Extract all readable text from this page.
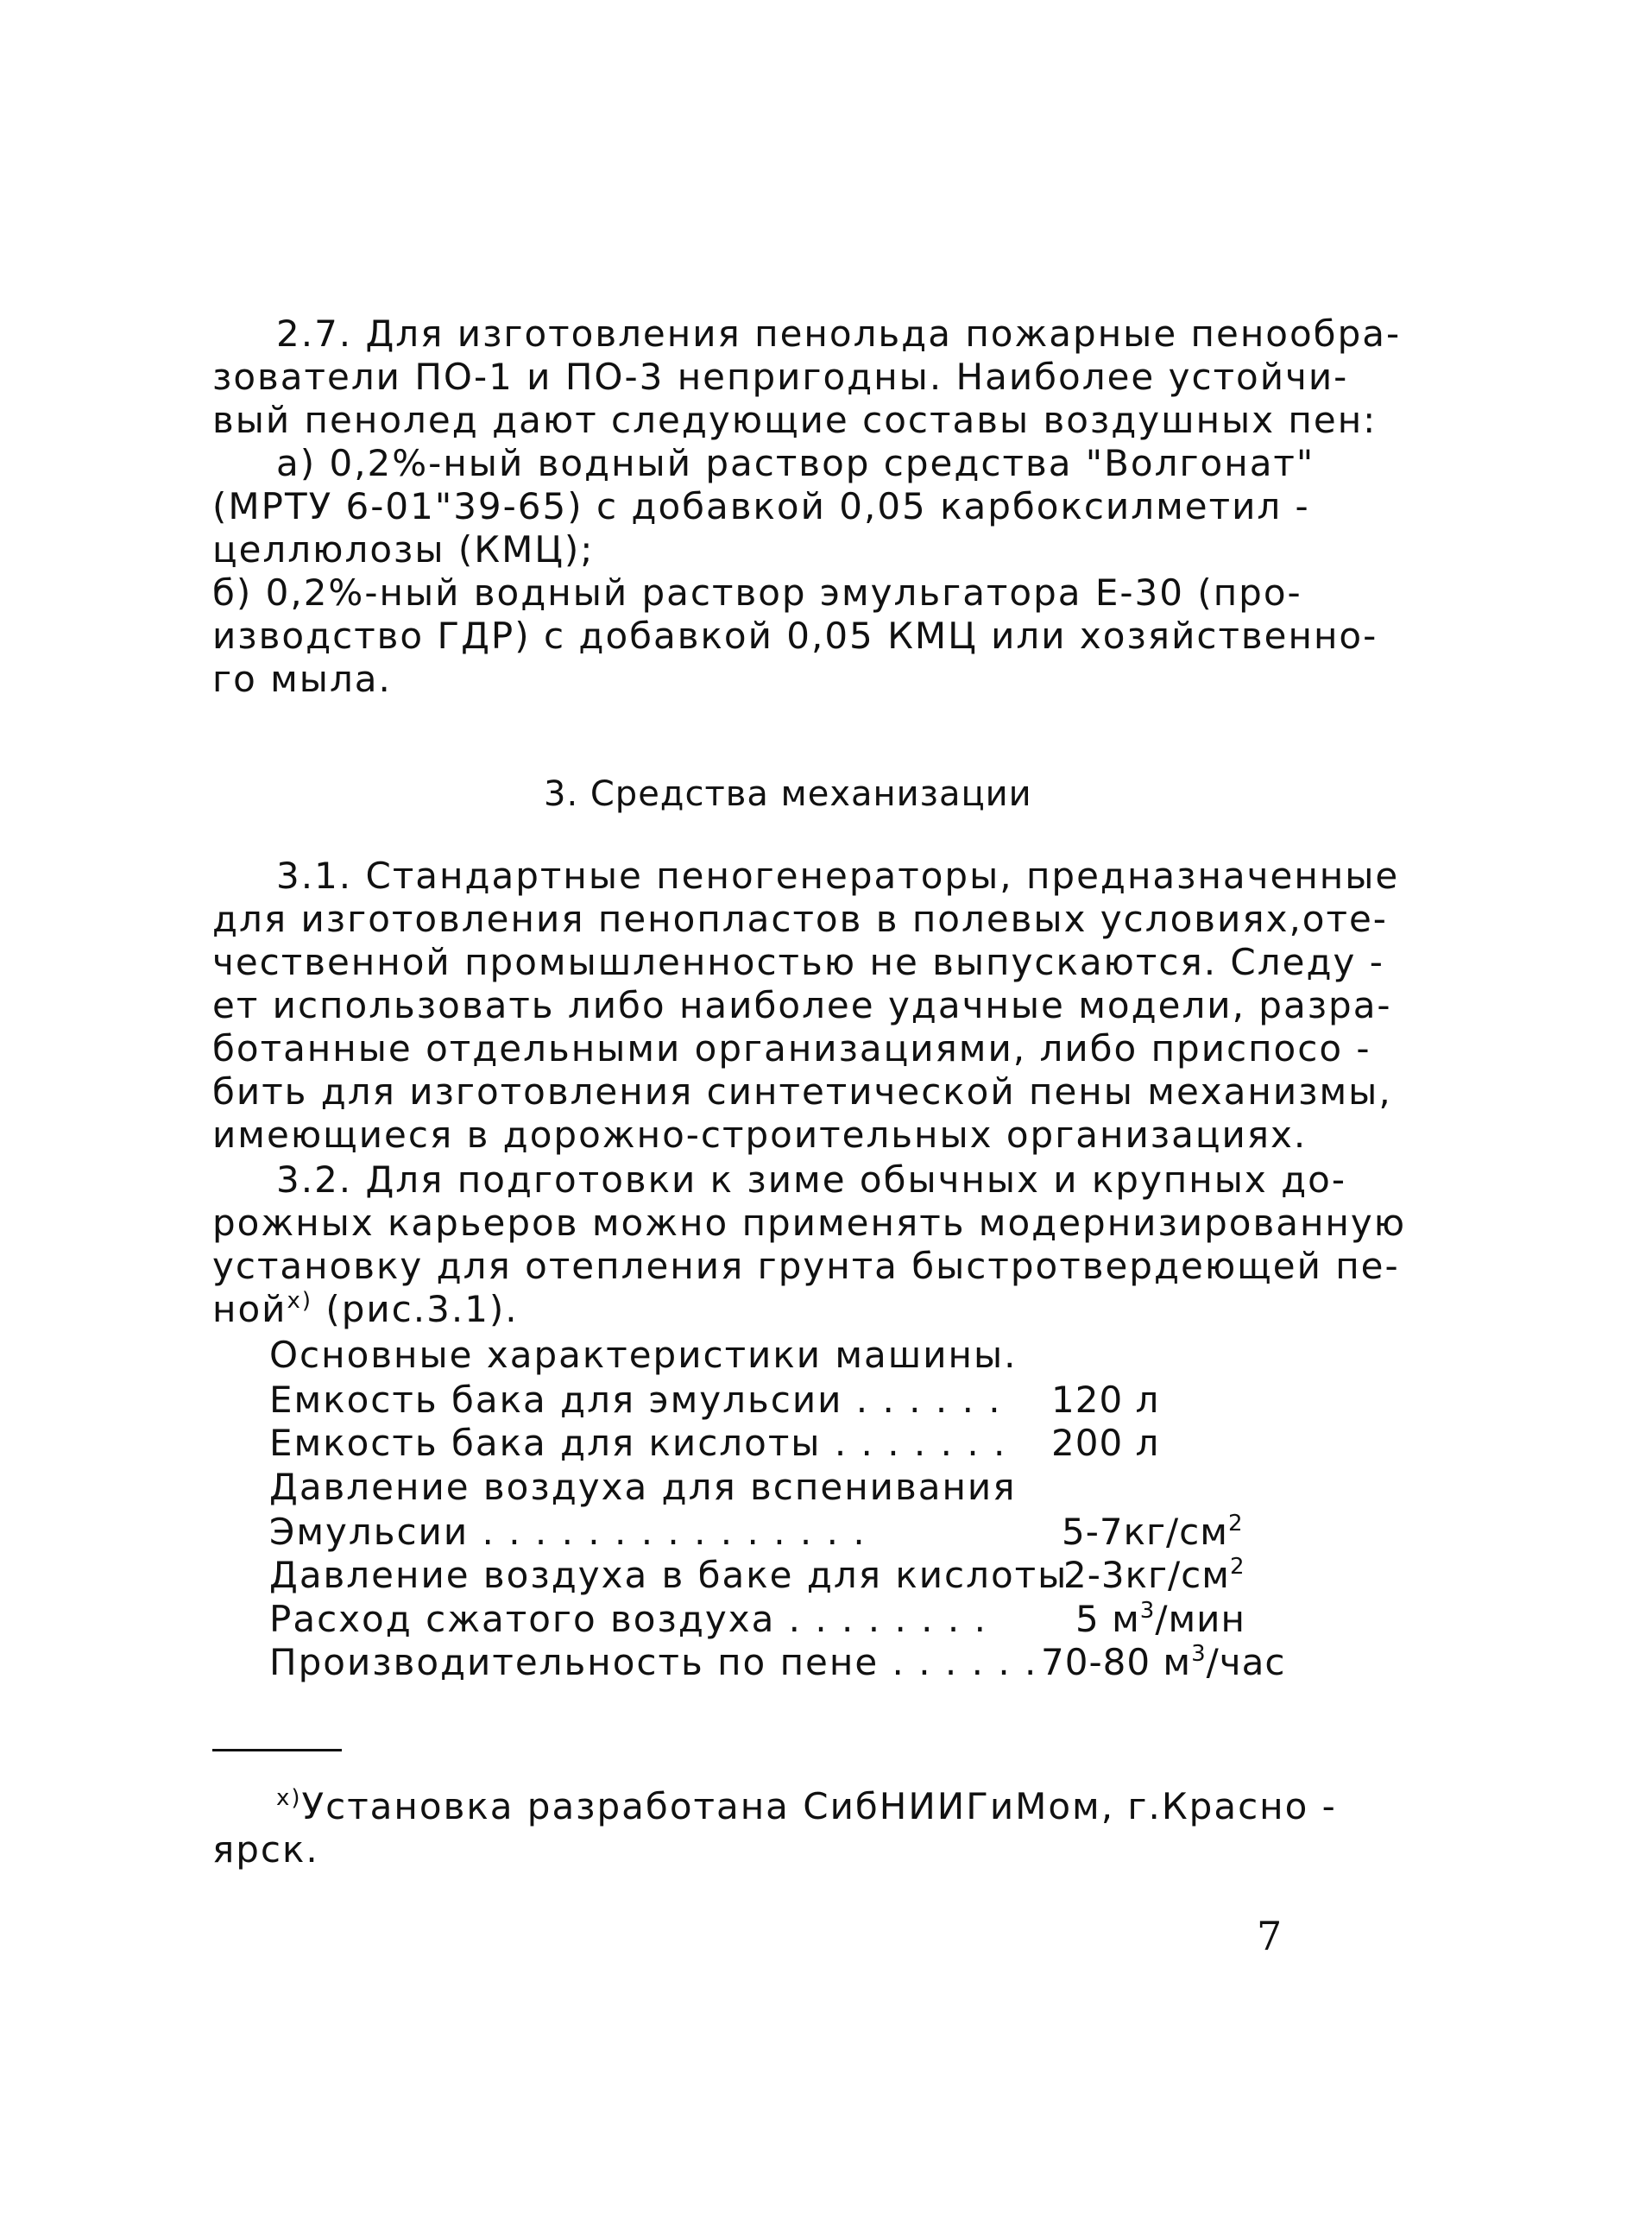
2.7. Для изготовления пенольда пожарные пенообра-
зователи ПО-1 и ПО-3 непригодны. Наиболее устойчи-
вый пенолед дают следующие составы воздушных пен:
а) 0,2%-ный водный раствор средства "Волгонат"
(МРТУ 6-01"39-65) с добавкой 0,05 карбоксилметил -
целлюлозы (КМЦ);
б) 0,2%-ный водный раствор эмульгатора Е-30 (про-
изводство ГДР) с добавкой 0,05 КМЦ или хозяйственно-
го мыла.
3. Средства механизации
3.1. Стандартные пеногенераторы, предназначенные
для изготовления пенопластов в полевых условиях,оте-
чественной промышленностью не выпускаются. Следу -
ет использовать либо наиболее удачные модели, разра-
ботанные отдельными организациями, либо приспосо -
бить для изготовления синтетической пены механизмы,
имеющиеся в дорожно-строительных организациях.
3.2. Для подготовки к зиме обычных и крупных до-
рожных карьеров можно применять модернизированную
установку для отепления грунта быстротвердеющей пе-
ной$^{x)}$ (рис.3.1).
Основные характеристики машины.
Емкость бака для эмульсии . . . . . . 120 л
Емкость бака для кислоты . . . . . . . 200 л
Давление воздуха для вспенивания
Эмульсии . . . . . . . . . . . . . . .	$5-7кг/см^2$
Давление воздуха в баке для кислоты
$2-3кг/см^2$
Расход сжатого воздуха . . . . . . . . 5 $м^3$/мин
Производительность по пене . . . . . . 70-80 $м^3$/час
$^{x)}$Установка разработана СибНИИГиМом, г.Красно -
ярск.
7
